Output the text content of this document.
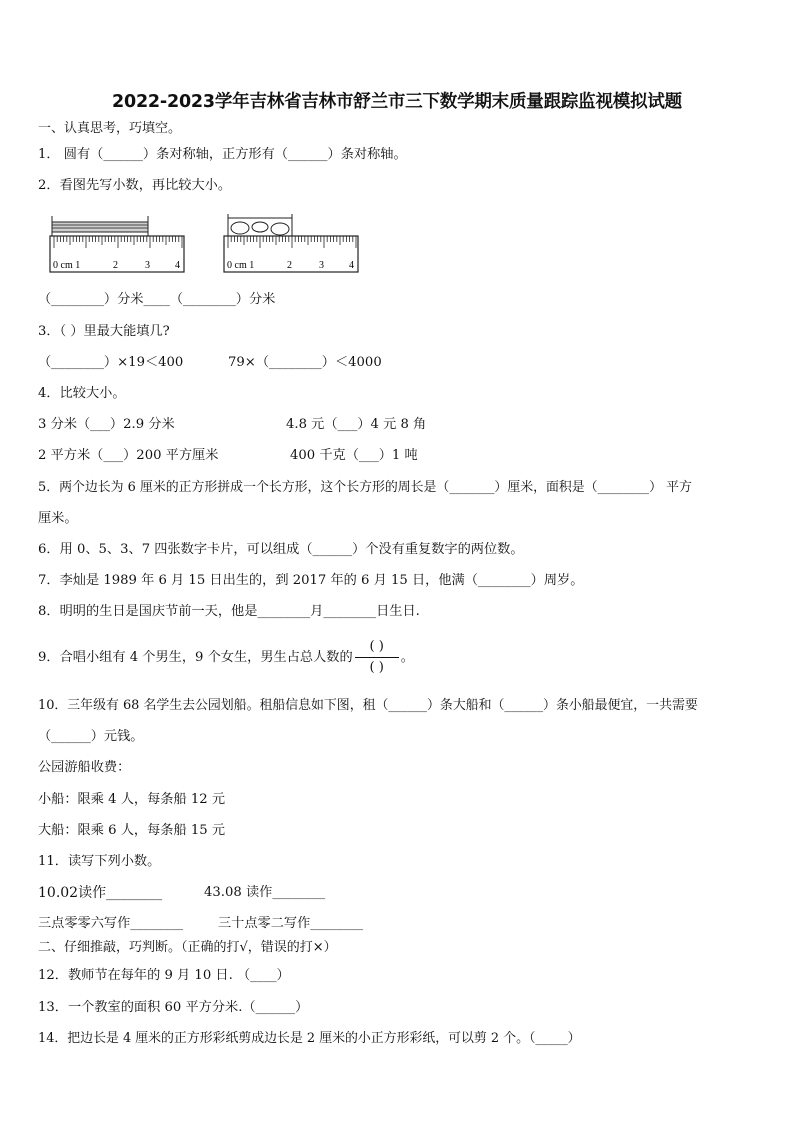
2022-2023学年吉林省吉林市舒兰市三下数学期末质量跟踪监视模拟试题
一、认真思考，巧填空。
1． 圆有（______）条对称轴，正方形有（______）条对称轴。
2．看图先写小数，再比较大小。
0 cm 1	2	3	4	0 cm 1	2	3	4
（________）分米____（________）分米
3．（ ）里最大能填几?
（________）×19＜400	79×（________）＜4000
4．比较大小。
3 分米（___）2.9 分米	4.8 元（___）4 元 8 角
2 平方米（___）200 平方厘米	400 千克（___）1 吨
5．两个边长为 6 厘米的正方形拼成一个长方形，这个长方形的周长是（_______）厘米，面积是（________） 平方
厘米。
6．用 0、5、3、7 四张数字卡片，可以组成（______）个没有重复数字的两位数。
7．李灿是 1989 年 6 月 15 日出生的，到 2017 年的 6 月 15 日，他满（________）周岁。
8．明明的生日是国庆节前一天，他是________月________日生日.
9．合唱小组有 4 个男生，9 个女生，男生占总人数的 $\frac{( )}{( )}$ 。
10．三年级有 68 名学生去公园划船。租船信息如下图，租（______）条大船和（______）条小船最便宜，一共需要
（______）元钱。
公园游船收费：
小船：限乘 4 人，每条船 12 元
大船：限乘 6 人，每条船 15 元
11．读写下列小数。
10.02读作________	43.08 读作________
三点零零六写作________	三十点零二写作________
二、仔细推敲，巧判断。（正确的打√，错误的打×）
12．教师节在每年的 9 月 10 日. （____）
13．一个教室的面积 60 平方分米.（______）
14．把边长是 4 厘米的正方形彩纸剪成边长是 2 厘米的小正方形彩纸，可以剪 2 个。（_____）
